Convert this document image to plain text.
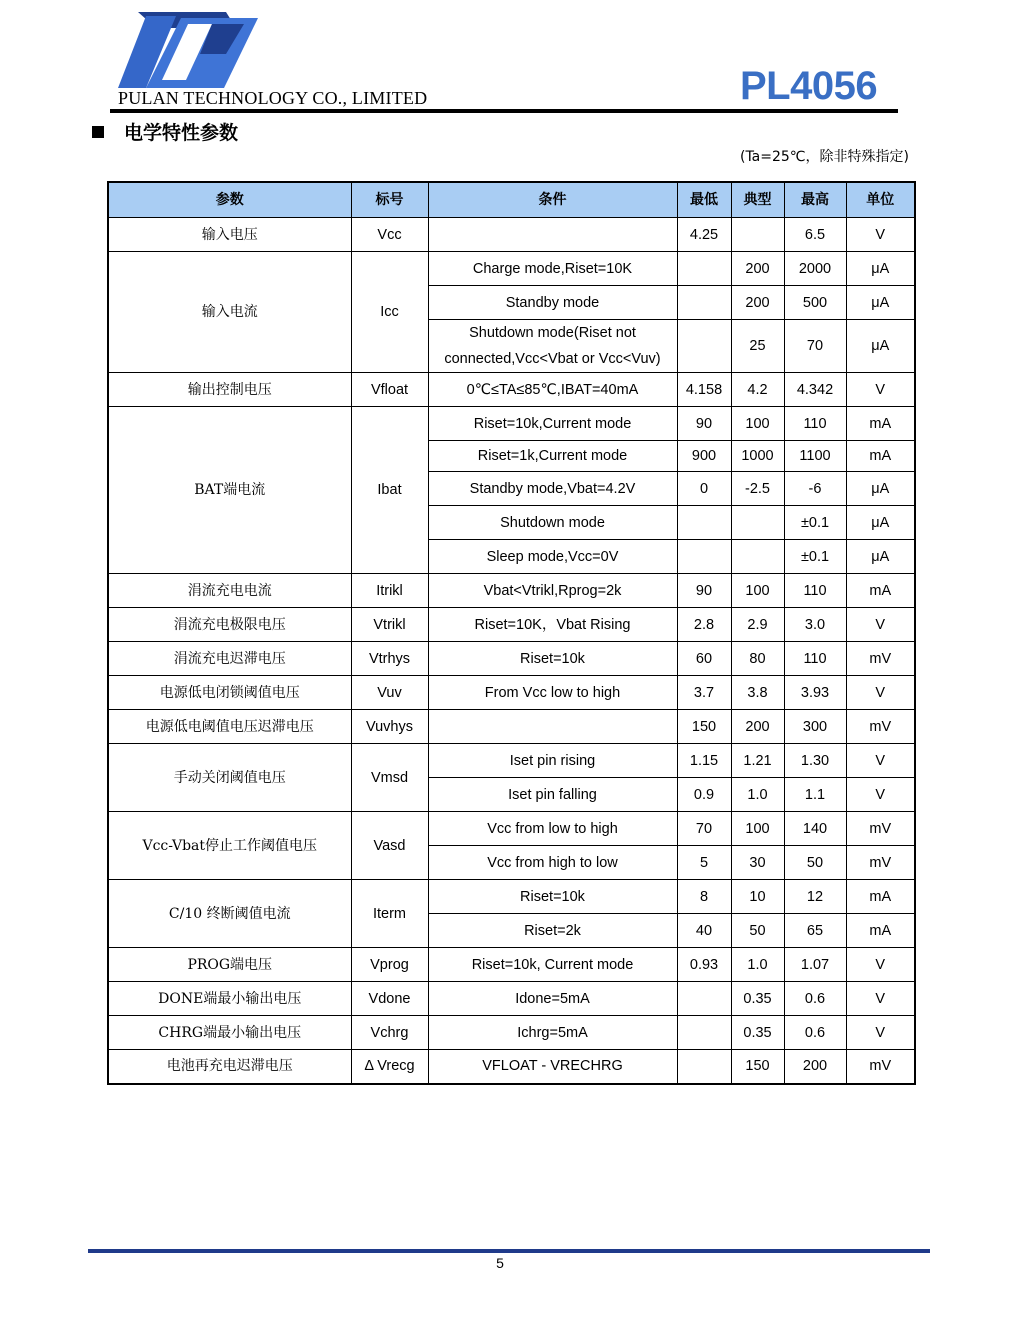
PULAN TECHNOLOGY CO., LIMITED	PL4056
电学特性参数
(Ta=25℃，除非特殊指定)
参数	标号	条件	最低	典型	最高	单位
输入电压	Vcc		4.25		6.5	V
输入电流	Icc	Charge mode,Riset=10K		200	2000	μA
		Standby mode		200	500	μA
		Shutdown mode(Riset not connected,Vcc<Vbat or Vcc<Vuv)		25	70	μA
输出控制电压	Vfloat	0℃≤TA≤85℃,IBAT=40mA	4.158	4.2	4.342	V
BAT端电流	Ibat	Riset=10k,Current mode	90	100	110	mA
		Riset=1k,Current mode	900	1000	1100	mA
		Standby mode,Vbat=4.2V	0	-2.5	-6	μA
		Shutdown mode			±0.1	μA
		Sleep mode,Vcc=0V			±0.1	μA
涓流充电电流	Itrikl	Vbat<Vtrikl,Rprog=2k	90	100	110	mA
涓流充电极限电压	Vtrikl	Riset=10K，Vbat Rising	2.8	2.9	3.0	V
涓流充电迟滞电压	Vtrhys	Riset=10k	60	80	110	mV
电源低电闭锁阈值电压	Vuv	From Vcc low to high	3.7	3.8	3.93	V
电源低电阈值电压迟滞电压	Vuvhys		150	200	300	mV
手动关闭阈值电压	Vmsd	Iset pin rising	1.15	1.21	1.30	V
		Iset pin falling	0.9	1.0	1.1	V
Vcc-Vbat停止工作阈值电压	Vasd	Vcc from low to high	70	100	140	mV
		Vcc from high to low	5	30	50	mV
C/10 终断阈值电流	Iterm	Riset=10k	8	10	12	mA
		Riset=2k	40	50	65	mA
PROG端电压	Vprog	Riset=10k, Current mode	0.93	1.0	1.07	V
DONE端最小输出电压	Vdone	Idone=5mA		0.35	0.6	V
CHRG端最小输出电压	Vchrg	Ichrg=5mA		0.35	0.6	V
电池再充电迟滞电压	Δ Vrecg	VFLOAT - VRECHRG		150	200	mV
5
